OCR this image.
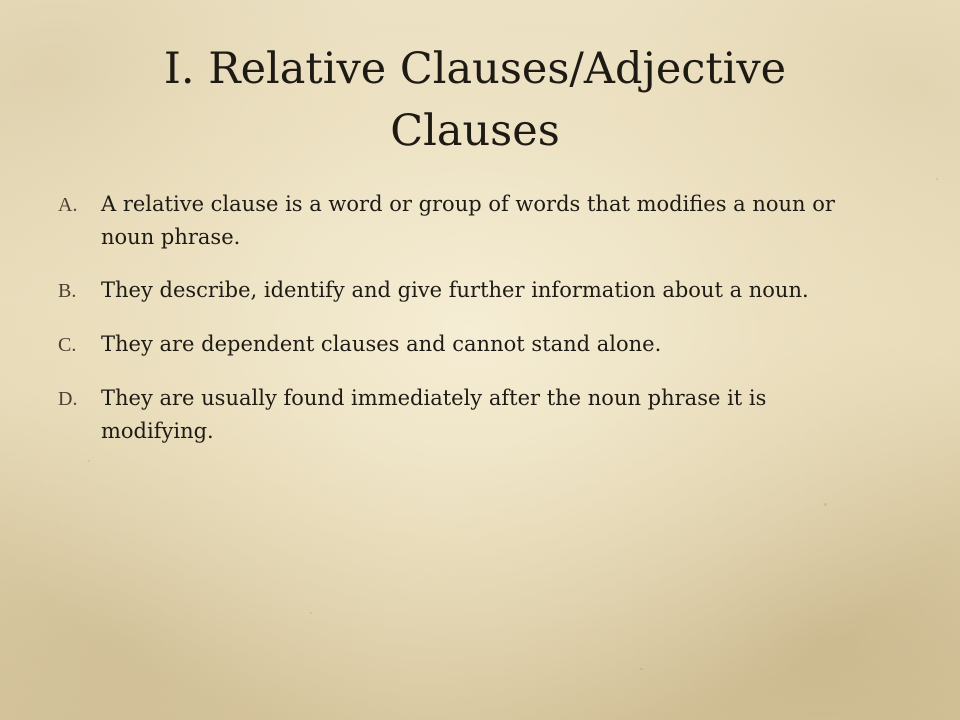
I. Relative Clauses/Adjective Clauses
A.	A relative clause is a word or group of words that modifies a noun or noun phrase.
B.	They describe, identify and give further information about a noun.
C.	They are dependent clauses and cannot stand alone.
D.	They are usually found immediately after the noun phrase it is modifying.
